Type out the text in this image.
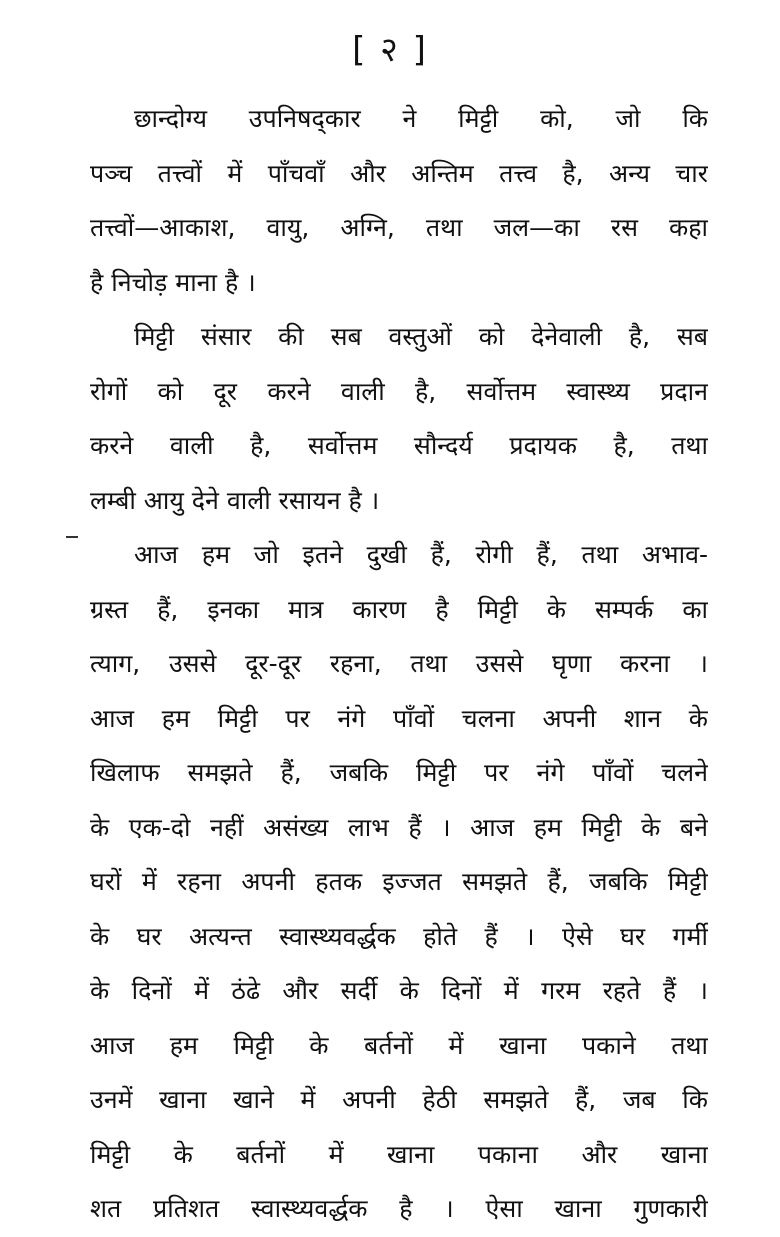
[ २ ]
छान्दोग्य उपनिषद्कार ने मिट्टी को, जो कि
पञ्च तत्त्वों में पाँचवाँ और अन्तिम तत्त्व है, अन्य चार
तत्त्वों—आकाश, वायु, अग्नि, तथा जल—का रस कहा
है निचोड़ माना है ।
मिट्टी संसार की सब वस्तुओं को देनेवाली है, सब
रोगों को दूर करने वाली है, सर्वोत्तम स्वास्थ्य प्रदान
करने वाली है, सर्वोत्तम सौन्दर्य प्रदायक है, तथा
लम्बी आयु देने वाली रसायन है ।
आज हम जो इतने दुखी हैं, रोगी हैं, तथा अभाव-
ग्रस्त हैं, इनका मात्र कारण है मिट्टी के सम्पर्क का
त्याग, उससे दूर-दूर रहना, तथा उससे घृणा करना ।
आज हम मिट्टी पर नंगे पाँवों चलना अपनी शान के
खिलाफ समझते हैं, जबकि मिट्टी पर नंगे पाँवों चलने
के एक-दो नहीं असंख्य लाभ हैं । आज हम मिट्टी के बने
घरों में रहना अपनी हतक इज्जत समझते हैं, जबकि मिट्टी
के घर अत्यन्त स्वास्थ्यवर्द्धक होते हैं । ऐसे घर गर्मी
के दिनों में ठंढे और सर्दी के दिनों में गरम रहते हैं ।
आज हम मिट्टी के बर्तनों में खाना पकाने तथा
उनमें खाना खाने में अपनी हेठी समझते हैं, जब कि
मिट्टी के बर्तनों में खाना पकाना और खाना
शत प्रतिशत स्वास्थ्यवर्द्धक है । ऐसा खाना गुणकारी
